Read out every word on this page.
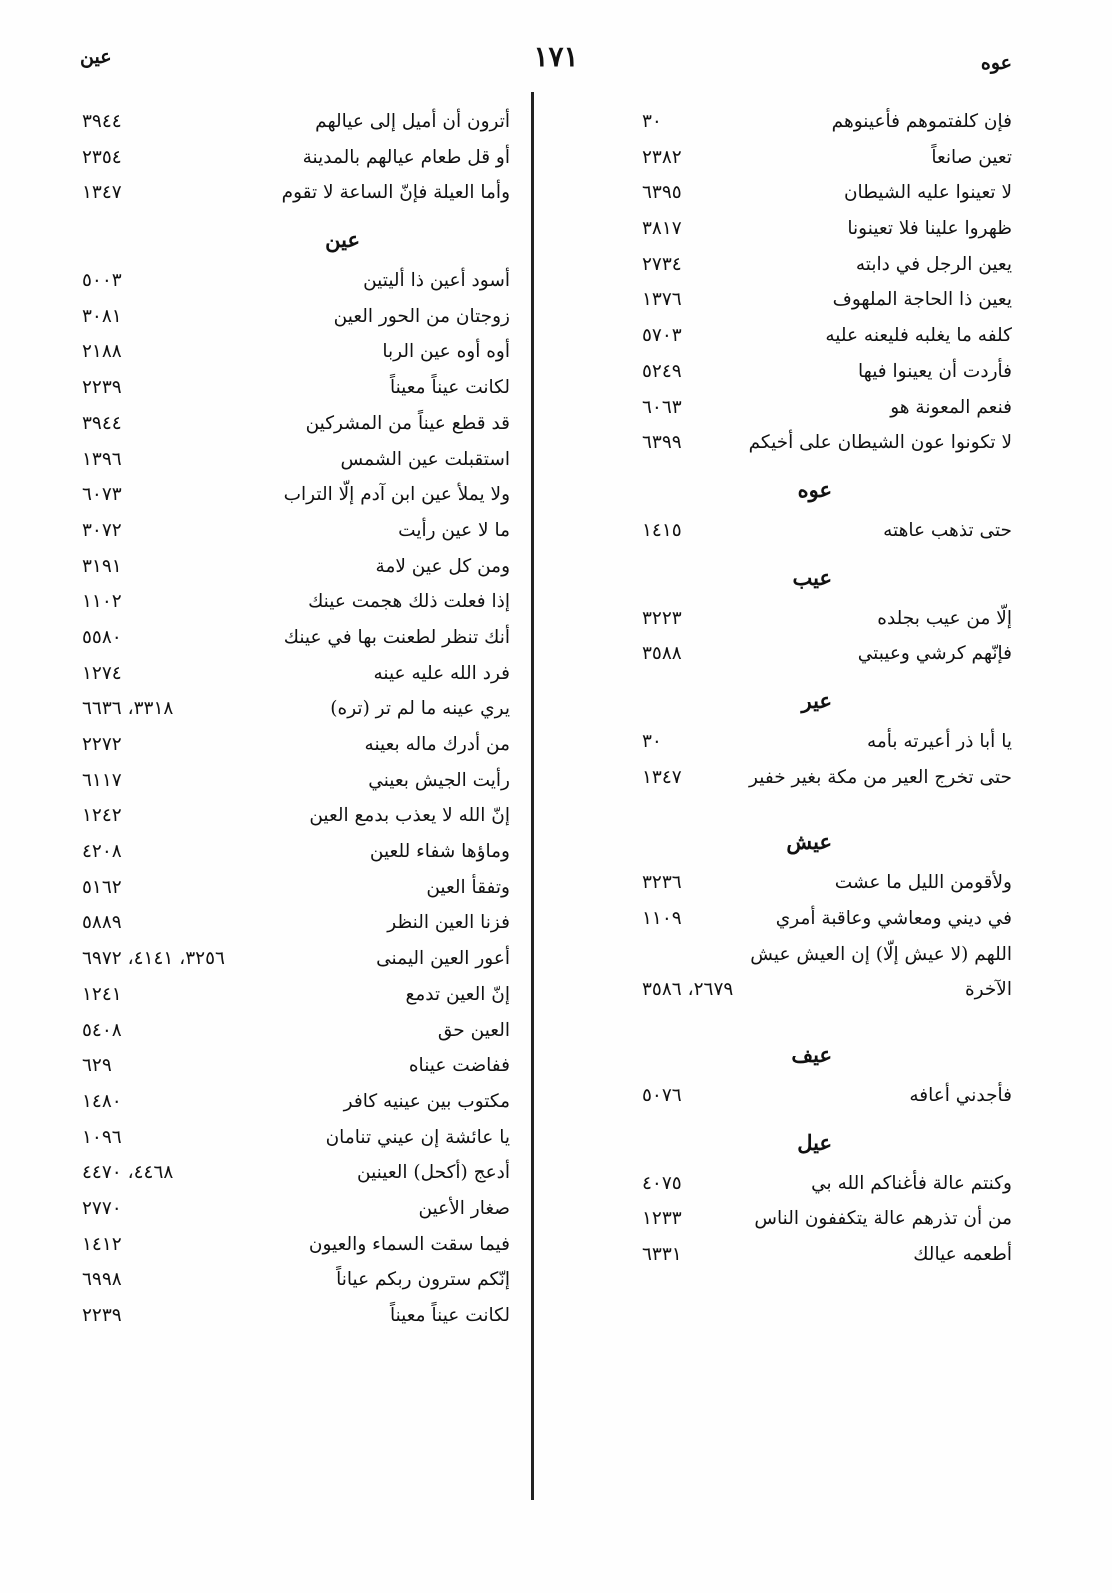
عوه
١٧١
عين
فإن كلفتموهم فأعينوهم
٣٠
تعين صانعاً
٢٣٨٢
لا تعينوا عليه الشيطان
٦٣٩٥
ظهروا علينا فلا تعينونا
٣٨١٧
يعين الرجل في دابته
٢٧٣٤
يعين ذا الحاجة الملهوف
١٣٧٦
كلفه ما يغلبه فليعنه عليه
٥٧٠٣
فأردت أن يعينوا فيها
٥٢٤٩
فنعم المعونة هو
٦٠٦٣
لا تكونوا عون الشيطان على أخيكم
٦٣٩٩
عوه
حتى تذهب عاهته
١٤١٥
عيب
إلّا من عيب بجلده
٣٢٢٣
فإنّهم كرشي وعيبتي
٣٥٨٨
عير
يا أبا ذر أعيرته بأمه
٣٠
حتى تخرج العير من مكة بغير خفير
١٣٤٧
عيش
ولأقومن الليل ما عشت
٣٢٣٦
في ديني ومعاشي وعاقبة أمري
١١٠٩
اللهم (لا عيش إلّا) إن العيش عيش
الآخرة
٢٦٧٩، ٣٥٨٦
عيف
فأجدني أعافه
٥٠٧٦
عيل
وكنتم عالة فأغناكم الله بي
٤٠٧٥
من أن تذرهم عالة يتكففون الناس
١٢٣٣
أطعمه عيالك
٦٣٣١
أترون أن أميل إلى عيالهم
٣٩٤٤
أو قل طعام عيالهم بالمدينة
٢٣٥٤
وأما العيلة فإنّ الساعة لا تقوم
١٣٤٧
عين
أسود أعين ذا أليتين
٥٠٠٣
زوجتان من الحور العين
٣٠٨١
أوه أوه عين الربا
٢١٨٨
لكانت عيناً معيناً
٢٢٣٩
قد قطع عيناً من المشركين
٣٩٤٤
استقبلت عين الشمس
١٣٩٦
ولا يملأ عين ابن آدم إلّا التراب
٦٠٧٣
ما لا عين رأيت
٣٠٧٢
ومن كل عين لامة
٣١٩١
إذا فعلت ذلك هجمت عينك
١١٠٢
أنك تنظر لطعنت بها في عينك
٥٥٨٠
فرد الله عليه عينه
١٢٧٤
يري عينه ما لم تر (تره)
٣٣١٨، ٦٦٣٦
من أدرك ماله بعينه
٢٢٧٢
رأيت الجيش بعيني
٦١١٧
إنّ الله لا يعذب بدمع العين
١٢٤٢
وماؤها شفاء للعين
٤٢٠٨
وتفقأ العين
٥١٦٢
فزنا العين النظر
٥٨٨٩
أعور العين اليمنى
٣٢٥٦، ٤١٤١، ٦٩٧٢
إنّ العين تدمع
١٢٤١
العين حق
٥٤٠٨
ففاضت عيناه
٦٢٩
مكتوب بين عينيه كافر
١٤٨٠
يا عائشة إن عيني تنامان
١٠٩٦
أدعج (أكحل) العينين
٤٤٦٨، ٤٤٧٠
صغار الأعين
٢٧٧٠
فيما سقت السماء والعيون
١٤١٢
إنّكم سترون ربكم عياناً
٦٩٩٨
لكانت عيناً معيناً
٢٢٣٩
